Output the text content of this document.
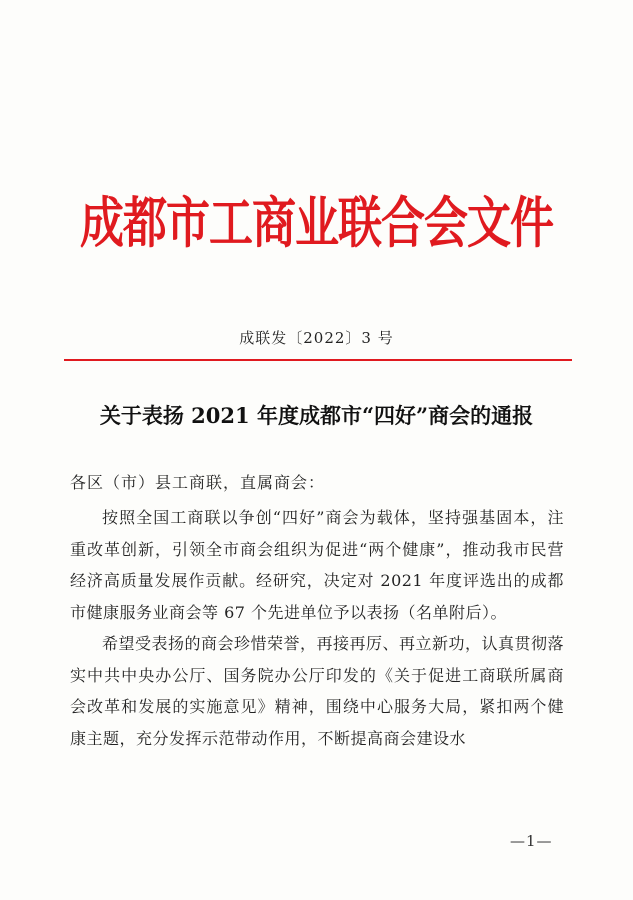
成都市工商业联合会文件
成联发〔2022〕3 号
关于表扬 2021 年度成都市“四好”商会的通报
各区（市）县工商联，直属商会：

按照全国工商联以争创“四好”商会为载体，坚持强基固本，注重改革创新，引领全市商会组织为促进“两个健康”，推动我市民营经济高质量发展作贡献。经研究，决定对 2021 年度评选出的成都市健康服务业商会等 67 个先进单位予以表扬（名单附后）。

希望受表扬的商会珍惜荣誉，再接再厉、再立新功，认真贯彻落实中共中央办公厅、国务院办公厅印发的《关于促进工商联所属商会改革和发展的实施意见》精神，围绕中心服务大局，紧扣两个健康主题，充分发挥示范带动作用，不断提高商会建设水

—1—
